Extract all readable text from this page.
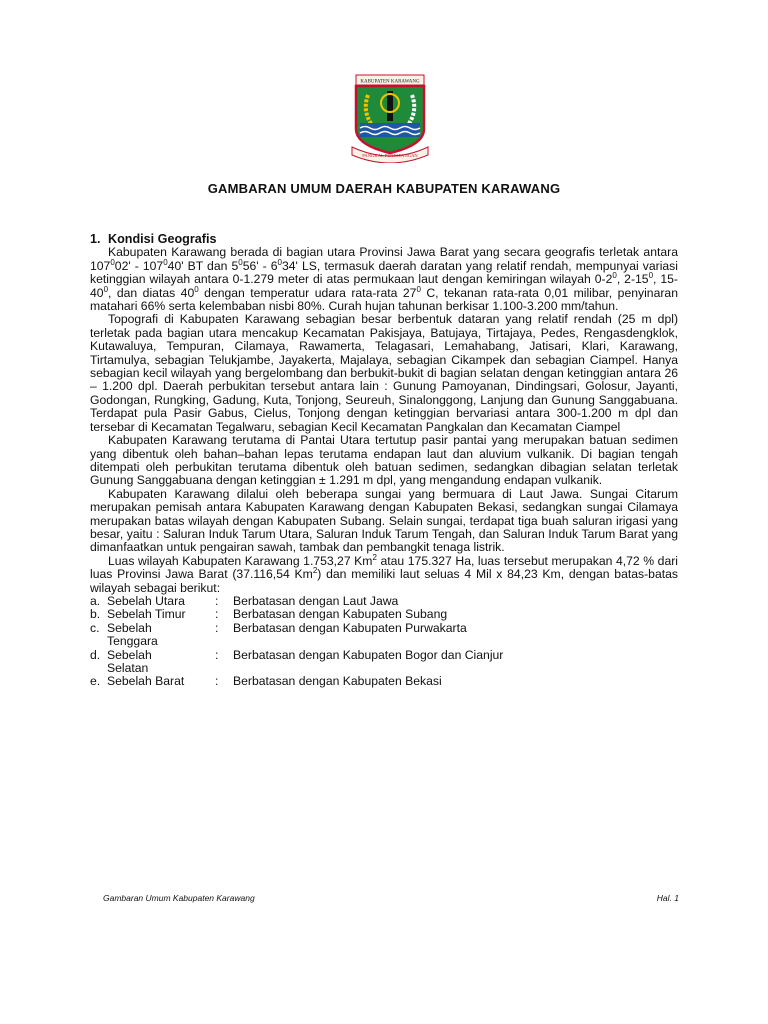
KABUPATEN KARAWANG
PANGKAL PERJOEANGAN
GAMBARAN UMUM DAERAH KABUPATEN KARAWANG
1. Kondisi Geografis

Kabupaten Karawang berada di bagian utara Provinsi Jawa Barat yang secara geografis terletak antara $107^002' - 107^040'$ BT dan $5^056' - 6^034'$ LS, termasuk daerah daratan yang relatif rendah, mempunyai variasi ketinggian wilayah antara 0-1.279 meter di atas permukaan laut dengan kemiringan wilayah $0-2^0$, $2-15^0$, $15-40^0$, dan diatas $40^0$ dengan temperatur udara rata-rata $27^0$ C, tekanan rata-rata 0,01 milibar, penyinaran matahari 66% serta kelembaban nisbi 80%. Curah hujan tahunan berkisar 1.100-3.200 mm/tahun.

Topografi di Kabupaten Karawang sebagian besar berbentuk dataran yang relatif rendah (25 m dpl) terletak pada bagian utara mencakup Kecamatan Pakisjaya, Batujaya, Tirtajaya, Pedes, Rengasdengklok, Kutawaluya, Tempuran, Cilamaya, Rawamerta, Telagasari, Lemahabang, Jatisari, Klari, Karawang, Tirtamulya, sebagian Telukjambe, Jayakerta, Majalaya, sebagian Cikampek dan sebagian Ciampel. Hanya sebagian kecil wilayah yang bergelombang dan berbukit-bukit di bagian selatan dengan ketinggian antara 26 – 1.200 dpl. Daerah perbukitan tersebut antara lain : Gunung Pamoyanan, Dindingsari, Golosur, Jayanti, Godongan, Rungking, Gadung, Kuta, Tonjong, Seureuh, Sinalonggong, Lanjung dan Gunung Sanggabuana. Terdapat pula Pasir Gabus, Cielus, Tonjong dengan ketinggian bervariasi antara 300-1.200 m dpl dan tersebar di Kecamatan Tegalwaru, sebagian Kecil Kecamatan Pangkalan dan Kecamatan Ciampel

Kabupaten Karawang terutama di Pantai Utara tertutup pasir pantai yang merupakan batuan sedimen yang dibentuk oleh bahan–bahan lepas terutama endapan laut dan aluvium vulkanik. Di bagian tengah ditempati oleh perbukitan terutama dibentuk oleh batuan sedimen, sedangkan dibagian selatan terletak Gunung Sanggabuana dengan ketinggian ± 1.291 m dpl, yang mengandung endapan vulkanik.

Kabupaten Karawang dilalui oleh beberapa sungai yang bermuara di Laut Jawa. Sungai Citarum merupakan pemisah antara Kabupaten Karawang dengan Kabupaten Bekasi, sedangkan sungai Cilamaya merupakan batas wilayah dengan Kabupaten Subang. Selain sungai, terdapat tiga buah saluran irigasi yang besar, yaitu : Saluran Induk Tarum Utara, Saluran Induk Tarum Tengah, dan Saluran Induk Tarum Barat yang dimanfaatkan untuk pengairan sawah, tambak dan pembangkit tenaga listrik.

Luas wilayah Kabupaten Karawang 1.753,27 Km$^2$ atau 175.327 Ha, luas tersebut merupakan 4,72 % dari luas Provinsi Jawa Barat (37.116,54 Km$^2$) dan memiliki laut seluas 4 Mil x 84,23 Km, dengan batas-batas wilayah sebagai berikut:

a. Sebelah Utara	:	Berbatasan dengan Laut Jawa
b. Sebelah Timur	:	Berbatasan dengan Kabupaten Subang
c. Sebelah Tenggara
:	Berbatasan dengan Kabupaten Purwakarta
d. Sebelah Selatan
:	Berbatasan dengan Kabupaten Bogor dan Cianjur
e. Sebelah Barat	:	Berbatasan dengan Kabupaten Bekasi
Gambaran Umum Kabupaten Karawang	Hal. 1
